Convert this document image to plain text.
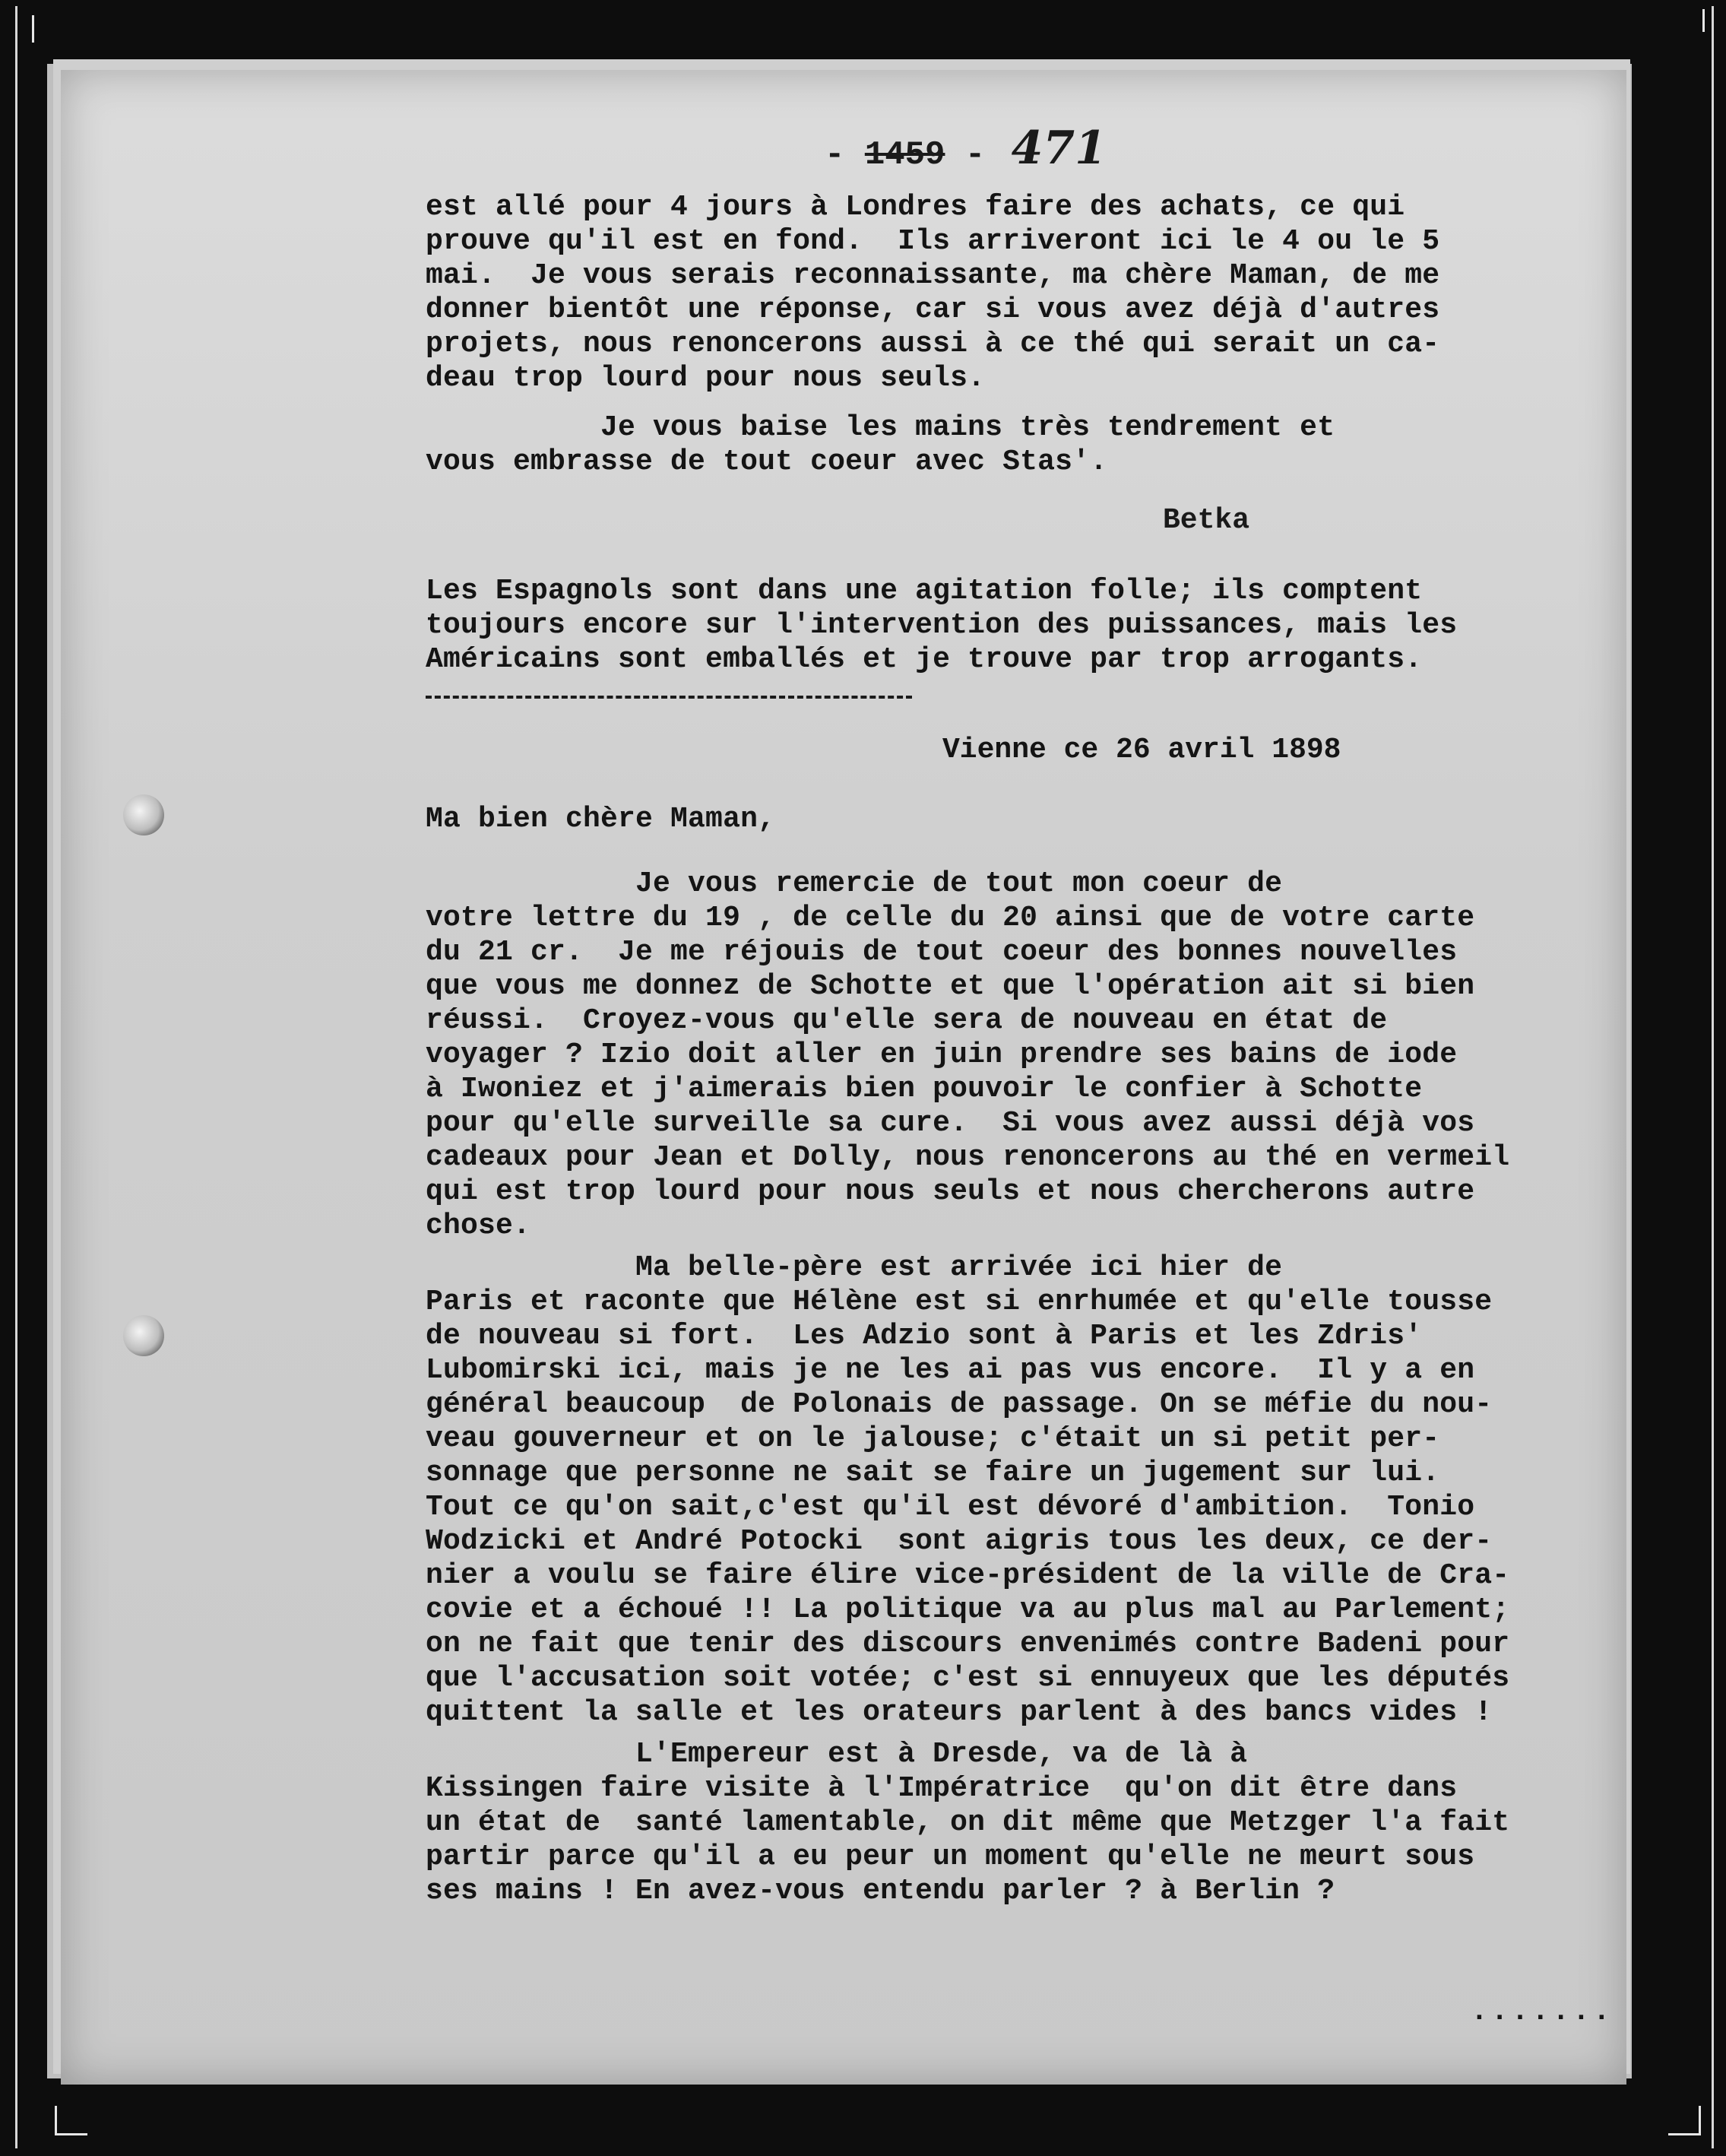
- 1459 - 471
est allé pour 4 jours à Londres faire des achats, ce qui
prouve qu'il est en fond.  Ils arriveront ici le 4 ou le 5
mai.  Je vous serais reconnaissante, ma chère Maman, de me
donner bientôt une réponse, car si vous avez déjà d'autres
projets, nous renoncerons aussi à ce thé qui serait un ca-
deau trop lourd pour nous seuls.
Je vous baise les mains très tendrement et
vous embrasse de tout coeur avec Stas'.
Betka
Les Espagnols sont dans une agitation folle; ils comptent
toujours encore sur l'intervention des puissances, mais les
Américains sont emballés et je trouve par trop arrogants.
Vienne ce 26 avril 1898
Ma bien chère Maman,
Je vous remercie de tout mon coeur de
votre lettre du 19 , de celle du 20 ainsi que de votre carte
du 21 cr.  Je me réjouis de tout coeur des bonnes nouvelles
que vous me donnez de Schotte et que l'opération ait si bien
réussi.  Croyez-vous qu'elle sera de nouveau en état de
voyager ? Izio doit aller en juin prendre ses bains de iode
à Iwoniez et j'aimerais bien pouvoir le confier à Schotte
pour qu'elle surveille sa cure.  Si vous avez aussi déjà vos
cadeaux pour Jean et Dolly, nous renoncerons au thé en vermeil
qui est trop lourd pour nous seuls et nous chercherons autre
chose.
Ma belle-père est arrivée ici hier de
Paris et raconte que Hélène est si enrhumée et qu'elle tousse
de nouveau si fort.  Les Adzio sont à Paris et les Zdris'
Lubomirski ici, mais je ne les ai pas vus encore.  Il y a en
général beaucoup  de Polonais de passage. On se méfie du nou-
veau gouverneur et on le jalouse; c'était un si petit per-
sonnage que personne ne sait se faire un jugement sur lui.
Tout ce qu'on sait,c'est qu'il est dévoré d'ambition.  Tonio
Wodzicki et André Potocki  sont aigris tous les deux, ce der-
nier a voulu se faire élire vice-président de la ville de Cra-
covie et a échoué !! La politique va au plus mal au Parlement;
on ne fait que tenir des discours envenimés contre Badeni pour
que l'accusation soit votée; c'est si ennuyeux que les députés
quittent la salle et les orateurs parlent à des bancs vides !
L'Empereur est à Dresde, va de là à
Kissingen faire visite à l'Impératrice  qu'on dit être dans
un état de  santé lamentable, on dit même que Metzger l'a fait
partir parce qu'il a eu peur un moment qu'elle ne meurt sous
ses mains ! En avez-vous entendu parler ? à Berlin ?
.......
